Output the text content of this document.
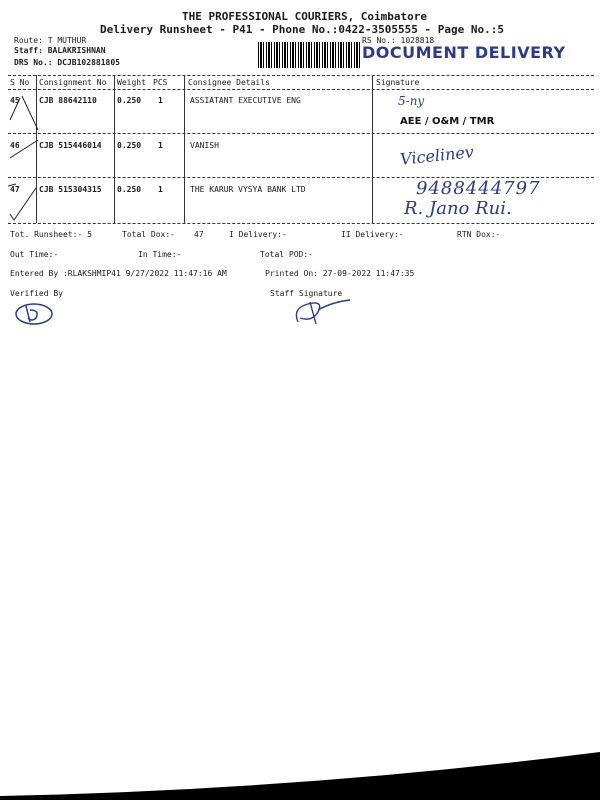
THE PROFESSIONAL COURIERS, Coimbatore
Delivery Runsheet - P41 - Phone No.:0422-3505555 - Page No.:5
Route: T MUTHUR
Staff: BALAKRISHNAN
DRS No.: DCJB102881805
RS No.: 1028818
DOCUMENT DELIVERY
S No Consignment No Weight PCS	Consignee Details	Signature
45 CJB 88642110	0.250 1	ASSIATANT EXECUTIVE ENG	5-ny
AEE / O&M / TMR
46 CJB 515446014 0.250 1	VANISH	Vicelinev
47 CJB 515304315 0.250 1	THE KARUR VYSYA BANK LTD	9488444797
R. Jano Rui.
Tot. Runsheet:- 5	Total Dox:- 47	I Delivery:-	II Delivery:-	RTN Dox:-
Out Time:-	In Time:-	Total POD:-
Entered By :RLAKSHMIP41 9/27/2022 11:47:16 AM	Printed On: 27-09-2022 11:47:35
Verified By	Staff Signature
